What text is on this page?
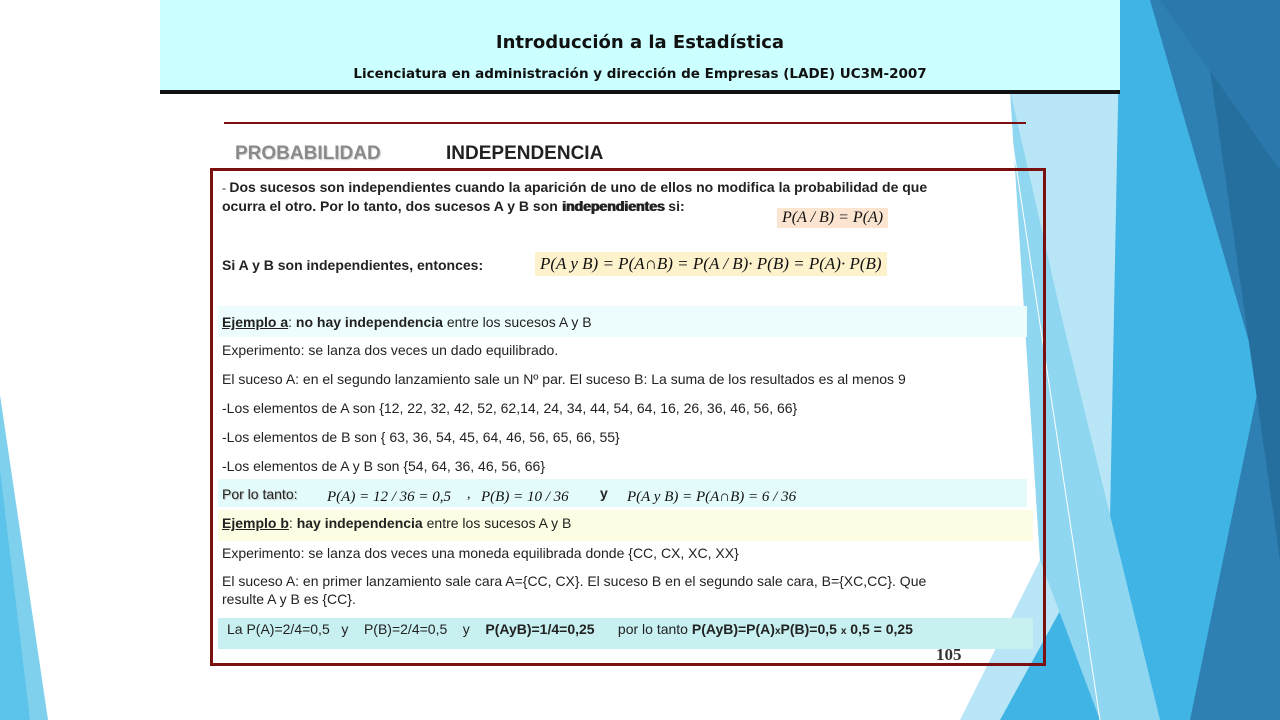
Introducción a la Estadística
Licenciatura en administración y dirección de Empresas (LADE) UC3M-2007
PROBABILIDAD	INDEPENDENCIA
- Dos sucesos son independientes cuando la aparición de uno de ellos no modifica la probabilidad de que
ocurra el otro. Por lo tanto, dos sucesos A y B son independientes si:
P(A / B) = P(A)
Si A y B son independientes, entonces:	P(A y B) = P(A∩B) = P(A / B)· P(B) = P(A)· P(B)
Ejemplo a: no hay independencia entre los sucesos A y B
Experimento: se lanza dos veces un dado equilibrado.
El suceso A: en el segundo lanzamiento sale un Nº par. El suceso B: La suma de los resultados es al menos 9
-Los elementos de A son {12, 22, 32, 42, 52, 62,14, 24, 34, 44, 54, 64, 16, 26, 36, 46, 56, 66}
-Los elementos de B son { 63, 36, 54, 45, 64, 46, 56, 65, 66, 55}
-Los elementos de A y B son {54, 64, 36, 46, 56, 66}
Por lo tanto: P(A) = 12 / 36 = 0,5 , P(B) = 10 / 36 y P(A y B) = P(A∩B) = 6 / 36
Ejemplo b: hay independencia entre los sucesos A y B
Experimento: se lanza dos veces una moneda equilibrada donde {CC, CX, XC, XX}
El suceso A: en primer lanzamiento sale cara A={CC, CX}. El suceso B en el segundo sale cara, B={XC,CC}. Que
resulte A y B es {CC}.
La P(A)=2/4=0,5   y    P(B)=2/4=0,5    y    P(AyB)=1/4=0,25      por lo tanto P(AyB)=P(A)xP(B)=0,5 x 0,5 = 0,25
105
